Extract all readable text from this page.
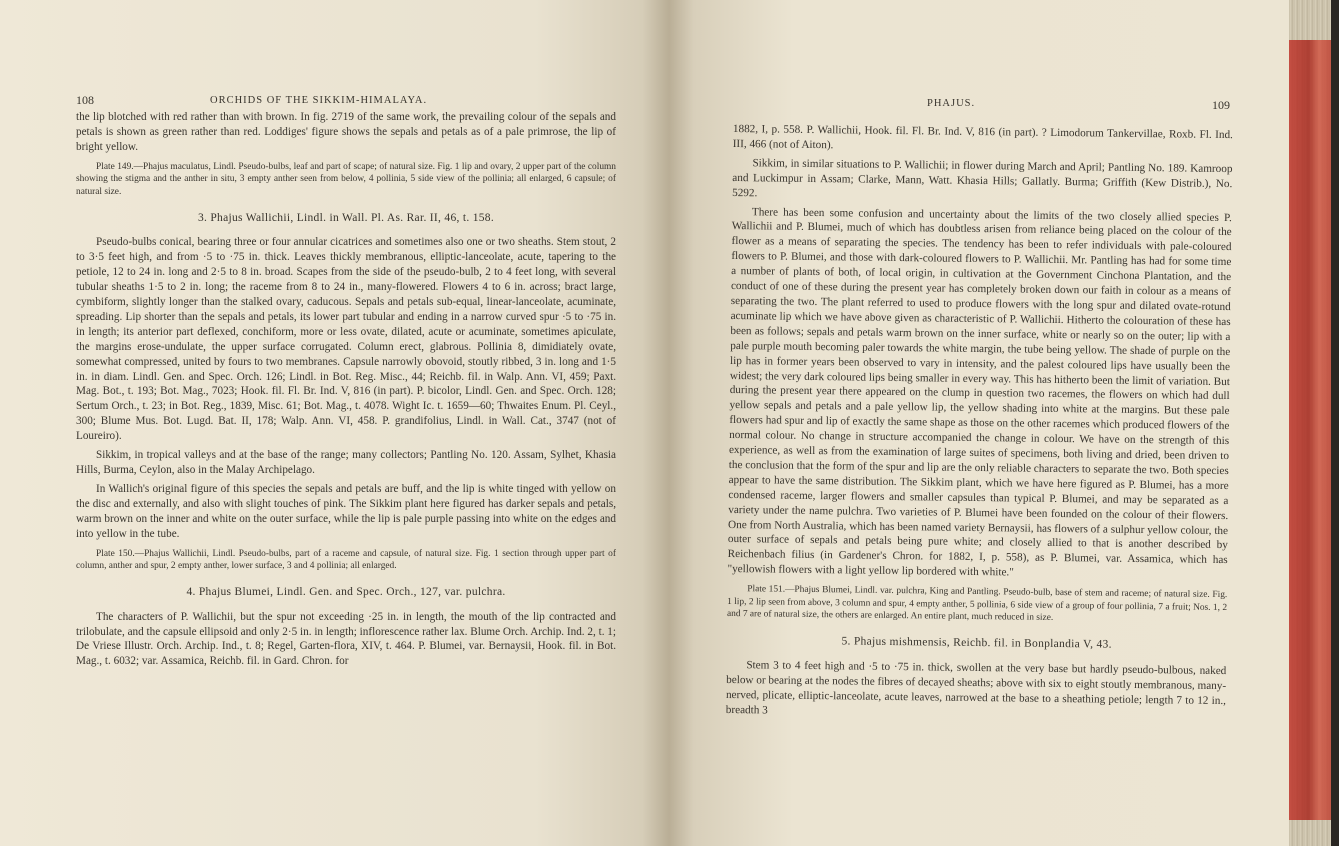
108	ORCHIDS OF THE SIKKIM-HIMALAYA.

the lip blotched with red rather than with brown. In fig. 2719 of the same work, the prevailing colour of the sepals and petals is shown as green rather than red. Loddiges' figure shows the sepals and petals as of a pale primrose, the lip of bright yellow.

Plate 149.—Phajus maculatus, Lindl. Pseudo-bulbs, leaf and part of scape; of natural size. Fig. 1 lip and ovary, 2 upper part of the column showing the stigma and the anther in situ, 3 empty anther seen from below, 4 pollinia, 5 side view of the pollinia; all enlarged, 6 capsule; of natural size.

3. Phajus Wallichii, Lindl. in Wall. Pl. As. Rar. II, 46, t. 158.

Pseudo-bulbs conical, bearing three or four annular cicatrices and sometimes also one or two sheaths. Stem stout, 2 to 3·5 feet high, and from ·5 to ·75 in. thick. Leaves thickly membranous, elliptic-lanceolate, acute, tapering to the petiole, 12 to 24 in. long and 2·5 to 8 in. broad. Scapes from the side of the pseudo-bulb, 2 to 4 feet long, with several tubular sheaths 1·5 to 2 in. long; the raceme from 8 to 24 in., many-flowered. Flowers 4 to 6 in. across; bract large, cymbiform, slightly longer than the stalked ovary, caducous. Sepals and petals sub-equal, linear-lanceolate, acuminate, spreading. Lip shorter than the sepals and petals, its lower part tubular and ending in a narrow curved spur ·5 to ·75 in. in length; its anterior part deflexed, conchiform, more or less ovate, dilated, acute or acuminate, sometimes apiculate, the margins erose-undulate, the upper surface corrugated. Column erect, glabrous. Pollinia 8, dimidiately ovate, somewhat compressed, united by fours to two membranes. Capsule narrowly obovoid, stoutly ribbed, 3 in. long and 1·5 in. in diam. Lindl. Gen. and Spec. Orch. 126; Lindl. in Bot. Reg. Misc., 44; Reichb. fil. in Walp. Ann. VI, 459; Paxt. Mag. Bot., t. 193; Bot. Mag., 7023; Hook. fil. Fl. Br. Ind. V, 816 (in part). P. bicolor, Lindl. Gen. and Spec. Orch. 128; Sertum Orch., t. 23; in Bot. Reg., 1839, Misc. 61; Bot. Mag., t. 4078. Wight Ic. t. 1659—60; Thwaites Enum. Pl. Ceyl., 300; Blume Mus. Bot. Lugd. Bat. II, 178; Walp. Ann. VI, 458. P. grandifolius, Lindl. in Wall. Cat., 3747 (not of Loureiro).

Sikkim, in tropical valleys and at the base of the range; many collectors; Pantling No. 120. Assam, Sylhet, Khasia Hills, Burma, Ceylon, also in the Malay Archipelago.

In Wallich's original figure of this species the sepals and petals are buff, and the lip is white tinged with yellow on the disc and externally, and also with slight touches of pink. The Sikkim plant here figured has darker sepals and petals, warm brown on the inner and white on the outer surface, while the lip is pale purple passing into white on the edges and into yellow in the tube.

Plate 150.—Phajus Wallichii, Lindl. Pseudo-bulbs, part of a raceme and capsule, of natural size. Fig. 1 section through upper part of column, anther and spur, 2 empty anther, lower surface, 3 and 4 pollinia; all enlarged.

4. Phajus Blumei, Lindl. Gen. and Spec. Orch., 127, var. pulchra.

The characters of P. Wallichii, but the spur not exceeding ·25 in. in length, the mouth of the lip contracted and trilobulate, and the capsule ellipsoid and only 2·5 in. in length; inflorescence rather lax. Blume Orch. Archip. Ind. 2, t. 1; De Vriese Illustr. Orch. Archip. Ind., t. 8; Regel, Garten-flora, XIV, t. 464. P. Blumei, var. Bernaysii, Hook. fil. in Bot. Mag., t. 6032; var. Assamica, Reichb. fil. in Gard. Chron. for

PHAJUS.	109

1882, I, p. 558. P. Wallichii, Hook. fil. Fl. Br. Ind. V, 816 (in part). ? Limodorum Tankervillae, Roxb. Fl. Ind. III, 466 (not of Aiton).

Sikkim, in similar situations to P. Wallichii; in flower during March and April; Pantling No. 189. Kamroop and Luckimpur in Assam; Clarke, Mann, Watt. Khasia Hills; Gallatly. Burma; Griffith (Kew Distrib.), No. 5292.

There has been some confusion and uncertainty about the limits of the two closely allied species P. Wallichii and P. Blumei, much of which has doubtless arisen from reliance being placed on the colour of the flower as a means of separating the species. The tendency has been to refer individuals with pale-coloured flowers to P. Blumei, and those with dark-coloured flowers to P. Wallichii. Mr. Pantling has had for some time a number of plants of both, of local origin, in cultivation at the Government Cinchona Plantation, and the conduct of one of these during the present year has completely broken down our faith in colour as a means of separating the two. The plant referred to used to produce flowers with the long spur and dilated ovate-rotund acuminate lip which we have above given as characteristic of P. Wallichii. Hitherto the colouration of these has been as follows; sepals and petals warm brown on the inner surface, white or nearly so on the outer; lip with a pale purple mouth becoming paler towards the white margin, the tube being yellow. The shade of purple on the lip has in former years been observed to vary in intensity, and the palest coloured lips have usually been the widest; the very dark coloured lips being smaller in every way. This has hitherto been the limit of variation. But during the present year there appeared on the clump in question two racemes, the flowers on which had dull yellow sepals and petals and a pale yellow lip, the yellow shading into white at the margins. But these pale flowers had spur and lip of exactly the same shape as those on the other racemes which produced flowers of the normal colour. No change in structure accompanied the change in colour. We have on the strength of this experience, as well as from the examination of large suites of specimens, both living and dried, been driven to the conclusion that the form of the spur and lip are the only reliable characters to separate the two. Both species appear to have the same distribution. The Sikkim plant, which we have here figured as P. Blumei, has a more condensed raceme, larger flowers and smaller capsules than typical P. Blumei, and may be separated as a variety under the name pulchra. Two varieties of P. Blumei have been founded on the colour of their flowers. One from North Australia, which has been named variety Bernaysii, has flowers of a sulphur yellow colour, the outer surface of sepals and petals being pure white; and closely allied to that is another described by Reichenbach filius (in Gardener's Chron. for 1882, I, p. 558), as P. Blumei, var. Assamica, which has "yellowish flowers with a light yellow lip bordered with white."

Plate 151.—Phajus Blumei, Lindl. var. pulchra, King and Pantling. Pseudo-bulb, base of stem and raceme; of natural size. Fig. 1 lip, 2 lip seen from above, 3 column and spur, 4 empty anther, 5 pollinia, 6 side view of a group of four pollinia, 7 a fruit; Nos. 1, 2 and 7 are of natural size, the others are enlarged. An entire plant, much reduced in size.

5. Phajus mishmensis, Reichb. fil. in Bonplandia V, 43.

Stem 3 to 4 feet high and ·5 to ·75 in. thick, swollen at the very base but hardly pseudo-bulbous, naked below or bearing at the nodes the fibres of decayed sheaths; above with six to eight stoutly membranous, many-nerved, plicate, elliptic-lanceolate, acute leaves, narrowed at the base to a sheathing petiole; length 7 to 12 in., breadth 3
